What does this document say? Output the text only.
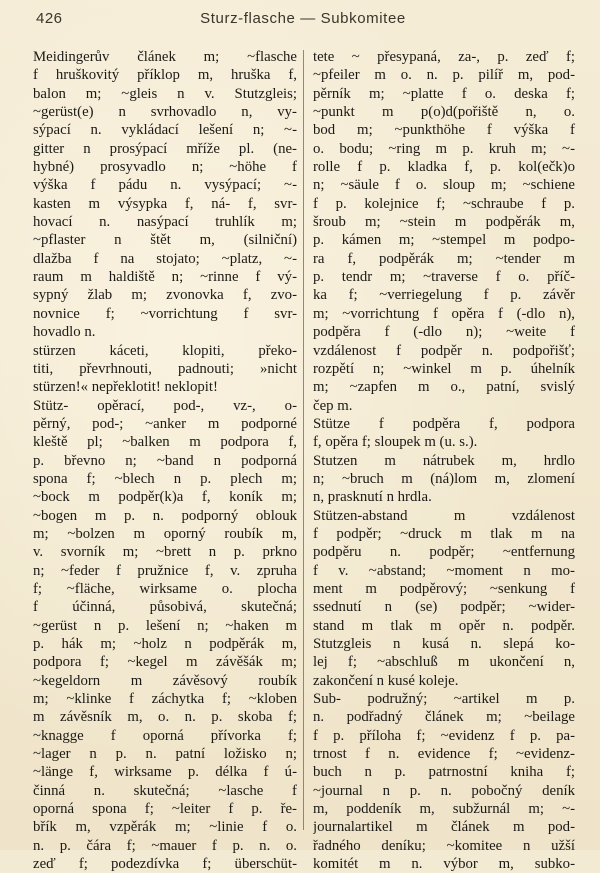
426	Sturz-flasche — Subkomitee
Meidingerův článek m; ~flasche
f hruškovitý příklop m, hruška f,
balon m; ~gleis n v. Stutzgleis;
~gerüst(e) n svrhovadlo n, vy-
sýpací n. vykládací lešení n; ~-
gitter n prosýpací mříže pl. (ne-
hybné) prosyvadlo n; ~höhe f
výška f pádu n. vysýpací; ~-
kasten m výsypka f, ná- f, svr-
hovací n. nasýpací truhlík m;
~pflaster n štět m, (silniční)
dlažba f na stojato; ~platz, ~-
raum m haldiště n; ~rinne f vý-
sypný žlab m; zvonovka f, zvo-
novnice f; ~vorrichtung f svr-
hovadlo n.
stürzen káceti, klopiti, překo-
titi, převrhnouti, padnouti; »nicht
stürzen!« nepřeklotit! neklopit!
Stütz- opěrací, pod-, vz-, o-
pěrný, pod-; ~anker m podporné
kleště pl; ~balken m podpora f,
p. břevno n; ~band n podporná
spona f; ~blech n p. plech m;
~bock m podpěr(k)a f, koník m;
~bogen m p. n. podporný oblouk
m; ~bolzen m oporný roubík m,
v. svorník m; ~brett n p. prkno
n; ~feder f pružnice f, v. zpruha
f; ~fläche, wirksame o. plocha
f účinná, působivá, skutečná;
~gerüst n p. lešení n; ~haken m
p. hák m; ~holz n podpěrák m,
podpora f; ~kegel m závěšák m;
~kegeldorn m závěsový roubík
m; ~klinke f záchytka f; ~kloben
m závěsník m, o. n. p. skoba f;
~knagge f oporná přívorka f;
~lager n p. n. patní ložisko n;
~länge f, wirksame p. délka f ú-
činná n. skutečná; ~lasche f
oporná spona f; ~leiter f p. ře-
břík m, vzpěrák m; ~linie f o.
n. p. čára f; ~mauer f p. n. o.
zeď f; podezdívka f; überschüt-
tete ~ přesypaná, za-, p. zeď f;
~pfeiler m o. n. p. pilíř m, pod-
pěrník m; ~platte f o. deska f;
~punkt m p(o)d(pořiště n, o.
bod m; ~punkthöhe f výška f
o. bodu; ~ring m p. kruh m; ~-
rolle f p. kladka f, p. kol(ečk)o
n; ~säule f o. sloup m; ~schiene
f p. kolejnice f; ~schraube f p.
šroub m; ~stein m podpěrák m,
p. kámen m; ~stempel m podpo-
ra f, podpěrák m; ~tender m
p. tendr m; ~traverse f o. příč-
ka f; ~verriegelung f p. závěr
m; ~vorrichtung f opěra f (-dlo n),
podpěra f (-dlo n); ~weite f
vzdálenost f podpěr n. podpořišť;
rozpětí n; ~winkel m p. úhelník
m; ~zapfen m o., patní, svislý
čep m.
Stütze f podpěra f, podpora
f, opěra f; sloupek m (u. s.).
Stutzen m nátrubek m, hrdlo
n; ~bruch m (ná)lom m, zlomení
n, prasknutí n hrdla.
Stützen-abstand m vzdálenost
f podpěr; ~druck m tlak m na
podpěru n. podpěr; ~entfernung
f v. ~abstand; ~moment n mo-
ment m podpěrový; ~senkung f
ssednutí n (se) podpěr; ~wider-
stand m tlak m opěr n. podpěr.
Stutzgleis n kusá n. slepá ko-
lej f; ~abschluß m ukončení n,
zakončení n kusé koleje.
Sub- podružný; ~artikel m p.
n. podřadný článek m; ~beilage
f p. příloha f; ~evidenz f p. pa-
trnost f n. evidence f; ~evidenz-
buch n p. patrnostní kniha f;
~journal n p. n. pobočný deník
m, poddeník m, subžurnál m; ~-
journalartikel m článek m pod-
řadného deníku; ~komitee n užší
komitét m n. výbor m, subko-
